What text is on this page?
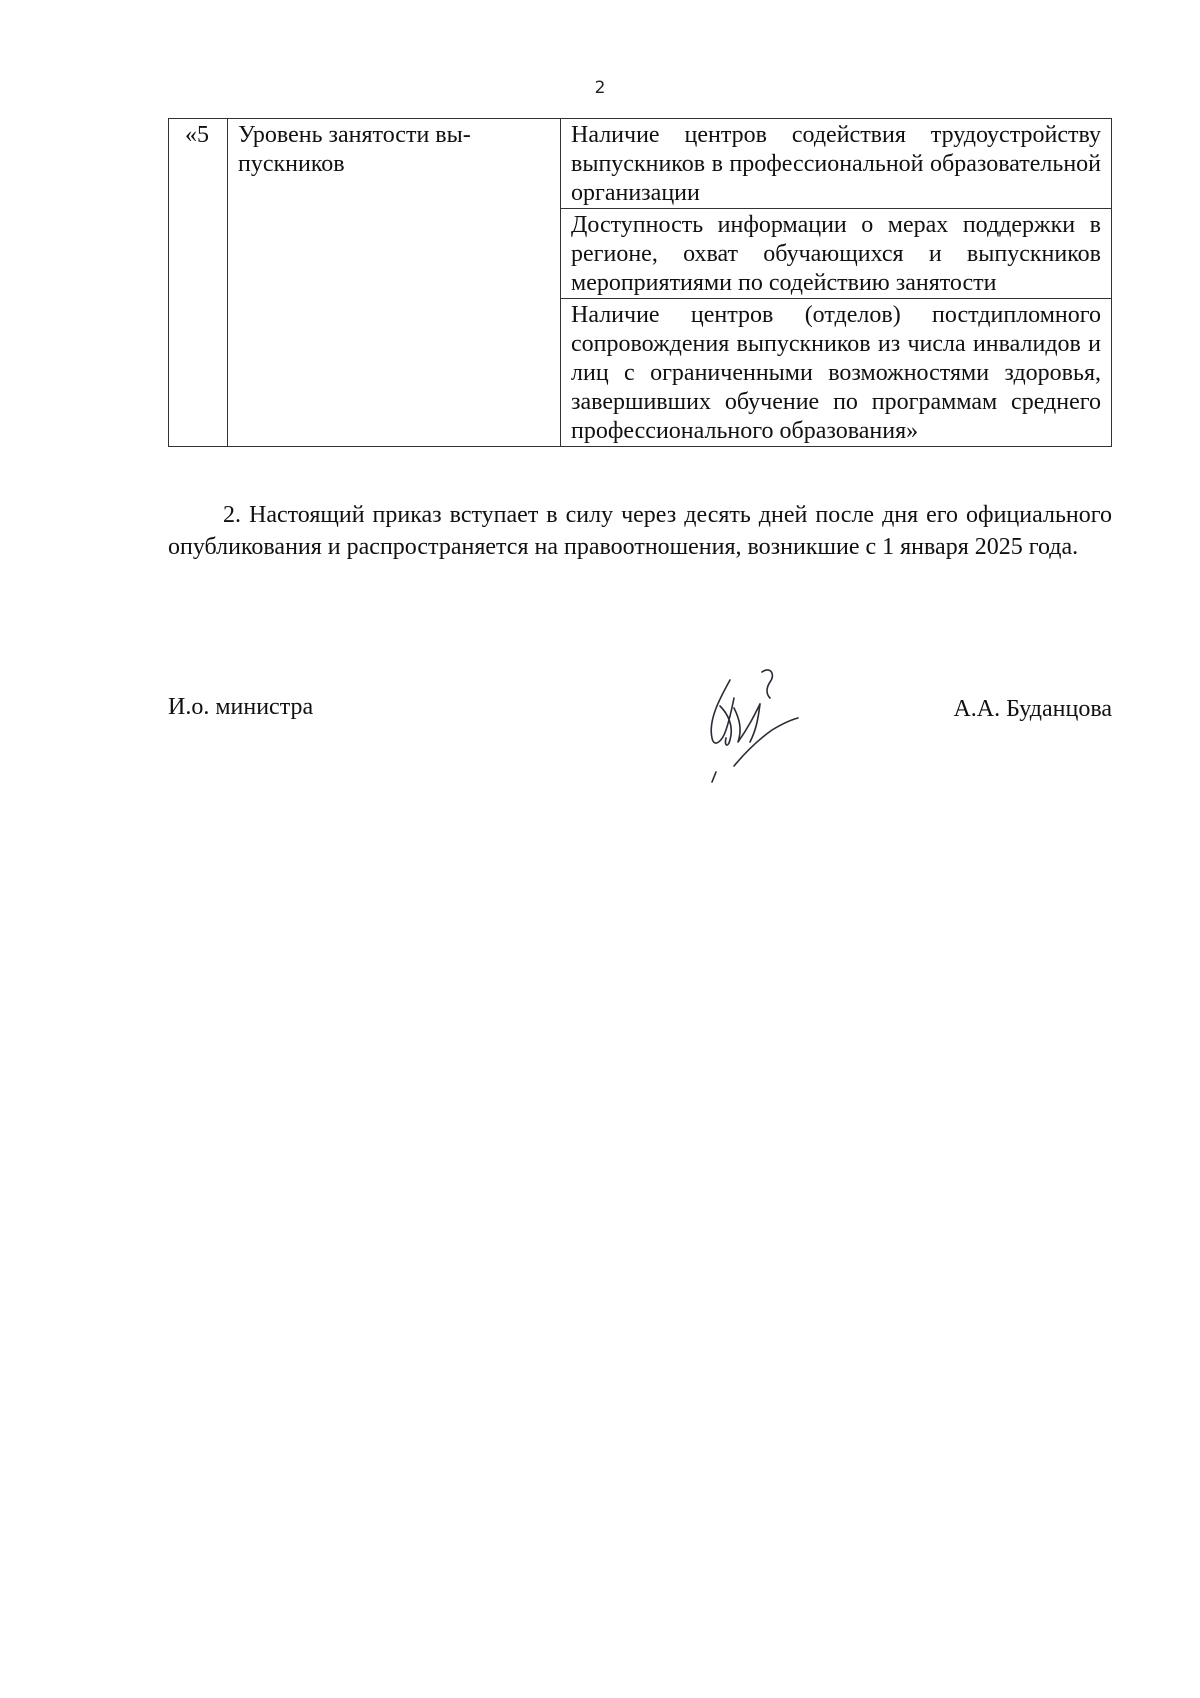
2
«5	Уровень занятости выпускников	Наличие центров содействия трудоустройству выпускников в профессиональной образовательной организации
Доступность информации о мерах поддержки в регионе, охват обучающихся и выпускников мероприятиями по содействию занятости
Наличие центров (отделов) постдипломного сопровождения выпускников из числа инвалидов и лиц с ограниченными возможностями здоровья, завершивших обучение по программам среднего профессионального образования»

2. Настоящий приказ вступает в силу через десять дней после дня его официального опубликования и распространяется на правоотношения, возникшие с 1 января 2025 года.

И.о. министра	А.А. Буданцова
